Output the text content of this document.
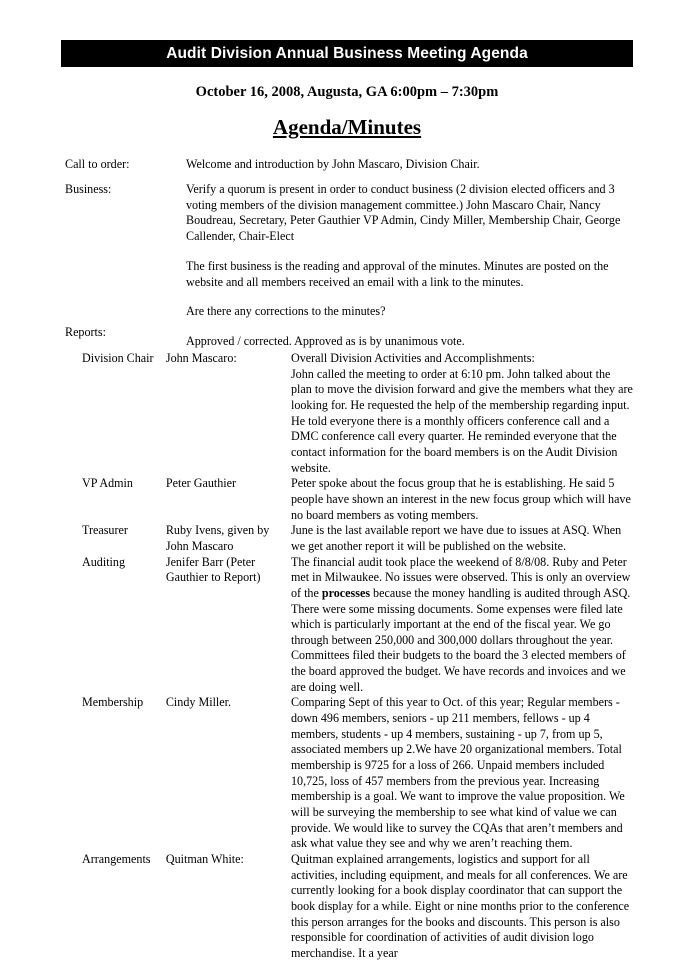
Audit Division Annual Business Meeting Agenda
October 16, 2008, Augusta, GA 6:00pm – 7:30pm
Agenda/Minutes
Call to order:	Welcome and introduction by John Mascaro, Division Chair.

Business:	Verify a quorum is present in order to conduct business (2 division elected officers and 3 voting members of the division management committee.) John Mascaro Chair, Nancy Boudreau, Secretary, Peter Gauthier VP Admin, Cindy Miller, Membership Chair, George Callender, Chair-Elect

The first business is the reading and approval of the minutes. Minutes are posted on the website and all members received an email with a link to the minutes.

Are there any corrections to the minutes?

Approved / corrected. Approved as is by unanimous vote.

Reports:
Division Chair	John Mascaro:	Overall Division Activities and Accomplishments:

John called the meeting to order at 6:10 pm. John talked about the plan to move the division forward and give the members what they are looking for. He requested the help of the membership regarding input. He told everyone there is a monthly officers conference call and a DMC conference call every quarter. He reminded everyone that the contact information for the board members is on the Audit Division website.

VP Admin	Peter Gauthier	Peter spoke about the focus group that he is establishing. He said 5 people have shown an interest in the new focus group which will have no board members as voting members.

Treasurer	Ruby Ivens, given by John Mascaro	June is the last available report we have due to issues at ASQ. When we get another report it will be published on the website.

Auditing	Jenifer Barr (Peter Gauthier to Report)	The financial audit took place the weekend of 8/8/08. Ruby and Peter met in Milwaukee. No issues were observed. This is only an overview of the processes because the money handling is audited through ASQ. There were some missing documents. Some expenses were filed late which is particularly important at the end of the fiscal year. We go through between 250,000 and 300,000 dollars throughout the year. Committees filed their budgets to the board the 3 elected members of the board approved the budget. We have records and invoices and we are doing well.

Membership	Cindy Miller.	Comparing Sept of this year to Oct. of this year; Regular members - down 496 members, seniors - up 211 members, fellows - up 4 members, students - up 4 members, sustaining - up 7, from up 5, associated members up 2.We have 20 organizational members. Total membership is 9725 for a loss of 266. Unpaid members included 10,725, loss of 457 members from the previous year. Increasing membership is a goal. We want to improve the value proposition. We will be surveying the membership to see what kind of value we can provide. We would like to survey the CQAs that aren’t members and ask what value they see and why we aren’t reaching them.

Arrangements	Quitman White:	Quitman explained arrangements, logistics and support for all activities, including equipment, and meals for all conferences. We are currently looking for a book display coordinator that can support the book display for a while. Eight or nine months prior to the conference this person arranges for the books and discounts. This person is also responsible for coordination of activities of audit division logo merchandise. It a year
